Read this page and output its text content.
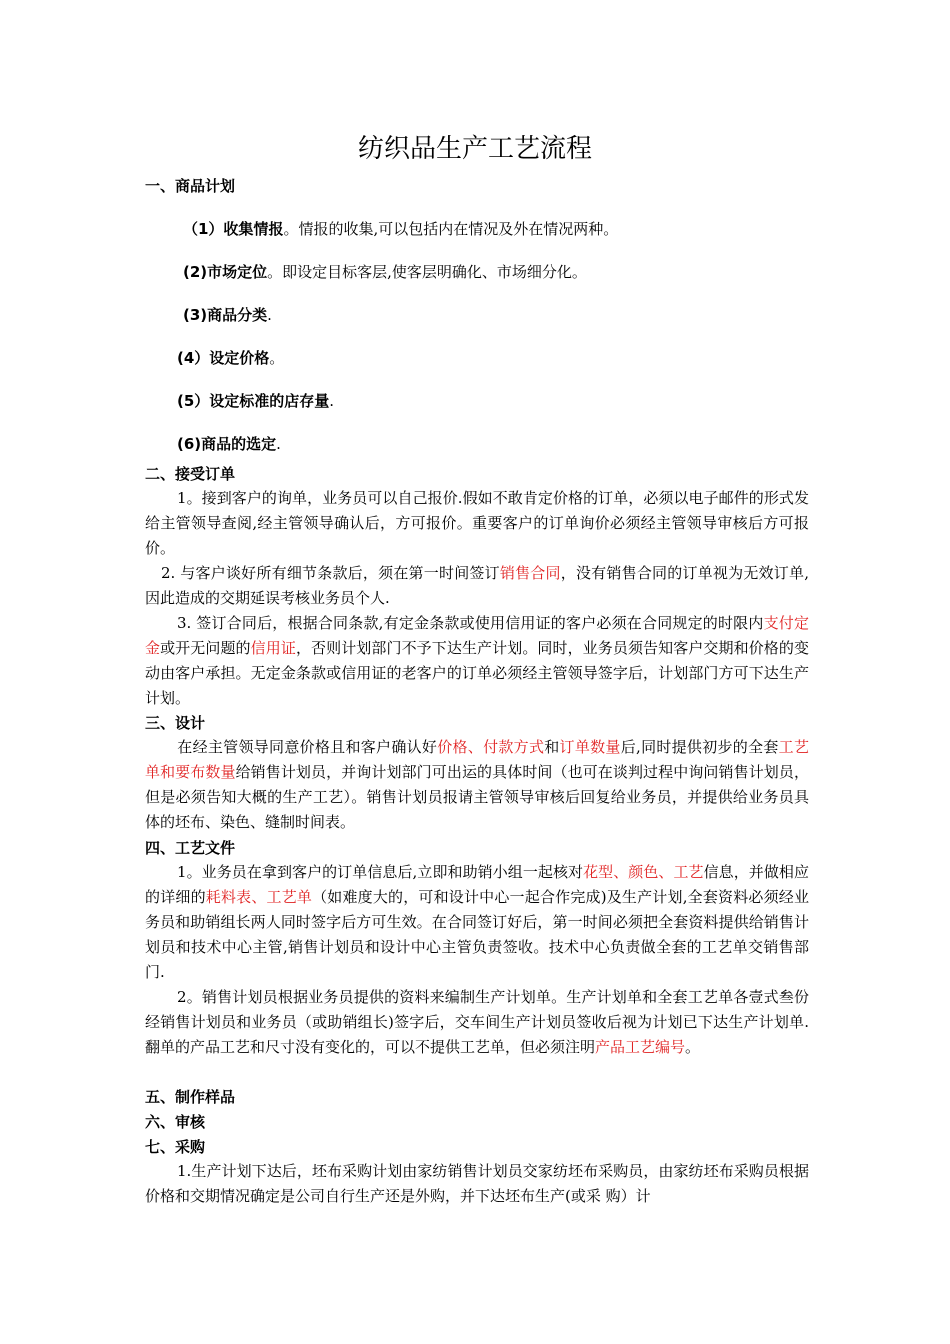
纺织品生产工艺流程
一、商品计划
（1）收集情报。情报的收集,可以包括内在情况及外在情况两种。
(2)市场定位。即设定目标客层,使客层明确化、市场细分化。
(3)商品分类.
(4）设定价格。
(5）设定标准的店存量.
(6)商品的选定.
二、接受订单
1。接到客户的询单，业务员可以自己报价.假如不敢肯定价格的订单，必须以电子邮件的形式发给主管领导查阅,经主管领导确认后，方可报价。重要客户的订单询价必须经主管领导审核后方可报价。
2. 与客户谈好所有细节条款后，须在第一时间签订销售合同，没有销售合同的订单视为无效订单,因此造成的交期延误考核业务员个人.
3. 签订合同后，根据合同条款,有定金条款或使用信用证的客户必须在合同规定的时限内支付定金或开无问题的信用证，否则计划部门不予下达生产计划。同时，业务员须告知客户交期和价格的变动由客户承担。无定金条款或信用证的老客户的订单必须经主管领导签字后，计划部门方可下达生产计划。
三、设计
在经主管领导同意价格且和客户确认好价格、付款方式和订单数量后,同时提供初步的全套工艺单和要布数量给销售计划员，并询计划部门可出运的具体时间（也可在谈判过程中询问销售计划员，但是必须告知大概的生产工艺）。销售计划员报请主管领导审核后回复给业务员，并提供给业务员具体的坯布、染色、缝制时间表。
四、工艺文件
1。业务员在拿到客户的订单信息后,立即和助销小组一起核对花型、颜色、工艺信息，并做相应的详细的耗料表、工艺单（如难度大的，可和设计中心一起合作完成)及生产计划,全套资料必须经业务员和助销组长两人同时签字后方可生效。在合同签订好后，第一时间必须把全套资料提供给销售计划员和技术中心主管,销售计划员和设计中心主管负责签收。技术中心负责做全套的工艺单交销售部门.
2。销售计划员根据业务员提供的资料来编制生产计划单。生产计划单和全套工艺单各壹式叁份经销售计划员和业务员（或助销组长)签字后，交车间生产计划员签收后视为计划已下达生产计划单.翻单的产品工艺和尺寸没有变化的，可以不提供工艺单，但必须注明产品工艺编号。
五、制作样品
六、审核
七、采购
1.生产计划下达后，坯布采购计划由家纺销售计划员交家纺坯布采购员，由家纺坯布采购员根据价格和交期情况确定是公司自行生产还是外购，并下达坯布生产(或采 购）计
